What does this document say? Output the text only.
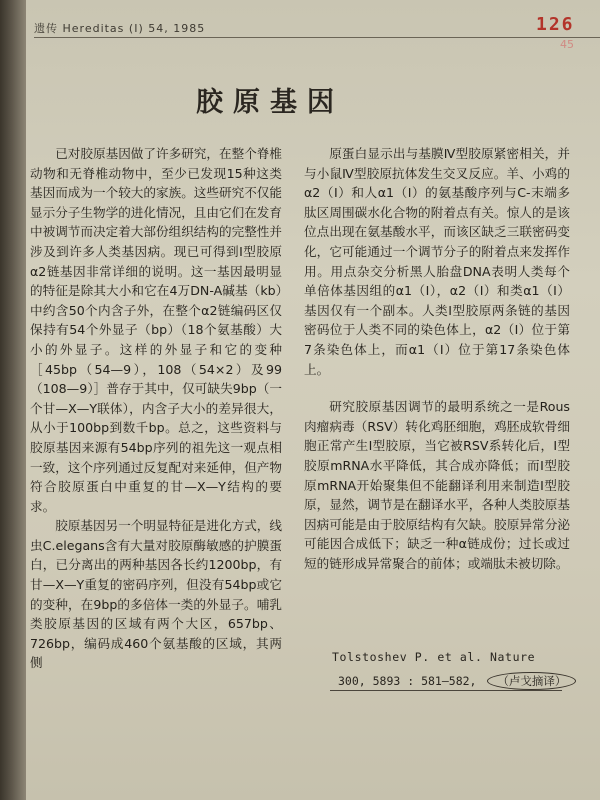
遗传 Hereditas (I) 54, 1985	126
45
胶原基因

已对胶原基因做了许多研究，在整个脊椎动物和无脊椎动物中，至少已发现15种这类基因而成为一个较大的家族。这些研究不仅能显示分子生物学的进化情况，且由它们在发育中被调节而决定着大部份组织结构的完整性并涉及到许多人类基因病。现已可得到Ⅰ型胶原α2链基因非常详细的说明。这一基因最明显的特征是除其大小和它在4万DN-A碱基（kb）中约含50个内含子外，在整个α2链编码区仅保持有54个外显子（bp）（18个氨基酸）大小的外显子。这样的外显子和它的变种［45bp（54—9），108（54×2）及99（108—9）］普存于其中，仅可缺失9bp（一个甘—X—Y联体），内含子大小的差异很大，从小于100bp到数千bp。总之，这些资料与胶原基因来源有54bp序列的祖先这一观点相一致，这个序列通过反复配对来延伸，但产物符合胶原蛋白中重复的甘—X—Y结构的要求。

胶原基因另一个明显特征是进化方式，线虫C.elegans含有大量对胶原酶敏感的护膜蛋白，已分离出的两种基因各长约1200bp，有甘—X—Y重复的密码序列，但没有54bp或它的变种，在9bp的多倍体一类的外显子。哺乳类胶原基因的区域有两个大区，657bp、726bp，编码成460个氨基酸的区域，其两侧

原蛋白显示出与基膜Ⅳ型胶原紧密相关，并与小鼠Ⅳ型胶原抗体发生交叉反应。羊、小鸡的α2（Ⅰ）和人α1（Ⅰ）的氨基酸序列与C-末端多肽区周围碳水化合物的附着点有关。惊人的是该位点出现在氨基酸水平，而该区缺乏三联密码变化，它可能通过一个调节分子的附着点来发挥作用。用点杂交分析黑人胎盘DNA表明人类每个单倍体基因组的α1（Ⅰ），α2（Ⅰ）和类α1（Ⅰ）基因仅有一个副本。人类Ⅰ型胶原两条链的基因密码位于人类不同的染色体上，α2（Ⅰ）位于第7条染色体上，而α1（Ⅰ）位于第17条染色体上。

研究胶原基因调节的最明系统之一是Rous肉瘤病毒（RSV）转化鸡胚细胞，鸡胚成软骨细胞正常产生Ⅰ型胶原，当它被RSV系转化后，Ⅰ型胶原mRNA水平降低，其合成亦降低；而Ⅰ型胶原mRNA开始聚集但不能翻译利用来制造Ⅰ型胶原，显然，调节是在翻译水平，各种人类胶原基因病可能是由于胶原结构有欠缺。胶原异常分泌可能因合成低下；缺乏一种α链成份；过长或过短的链形成异常聚合的前体；或端肽未被切除。

Tolstoshev P. et al. Nature
300, 5893 : 581—582, （卢戈摘译）
